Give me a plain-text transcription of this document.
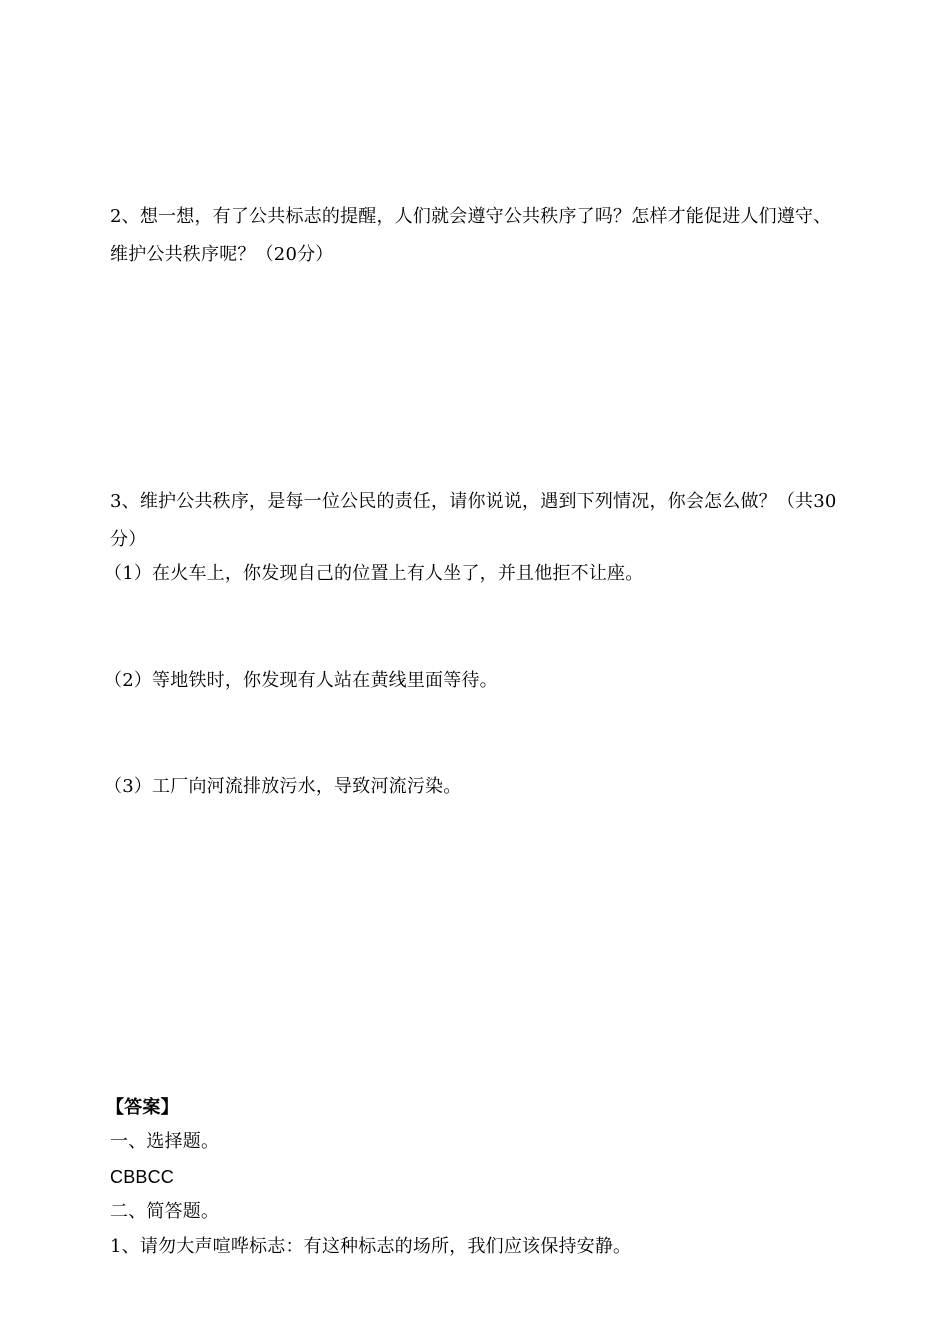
2、想一想，有了公共标志的提醒，人们就会遵守公共秩序了吗？怎样才能促进人们遵守、
维护公共秩序呢？（20分）
3、维护公共秩序，是每一位公民的责任，请你说说，遇到下列情况，你会怎么做？（共30
分）
（1）在火车上，你发现自己的位置上有人坐了，并且他拒不让座。
（2）等地铁时，你发现有人站在黄线里面等待。
（3）工厂向河流排放污水，导致河流污染。
【答案】
一、选择题。
CBBCC
二、简答题。
1、请勿大声喧哗标志：有这种标志的场所，我们应该保持安静。
